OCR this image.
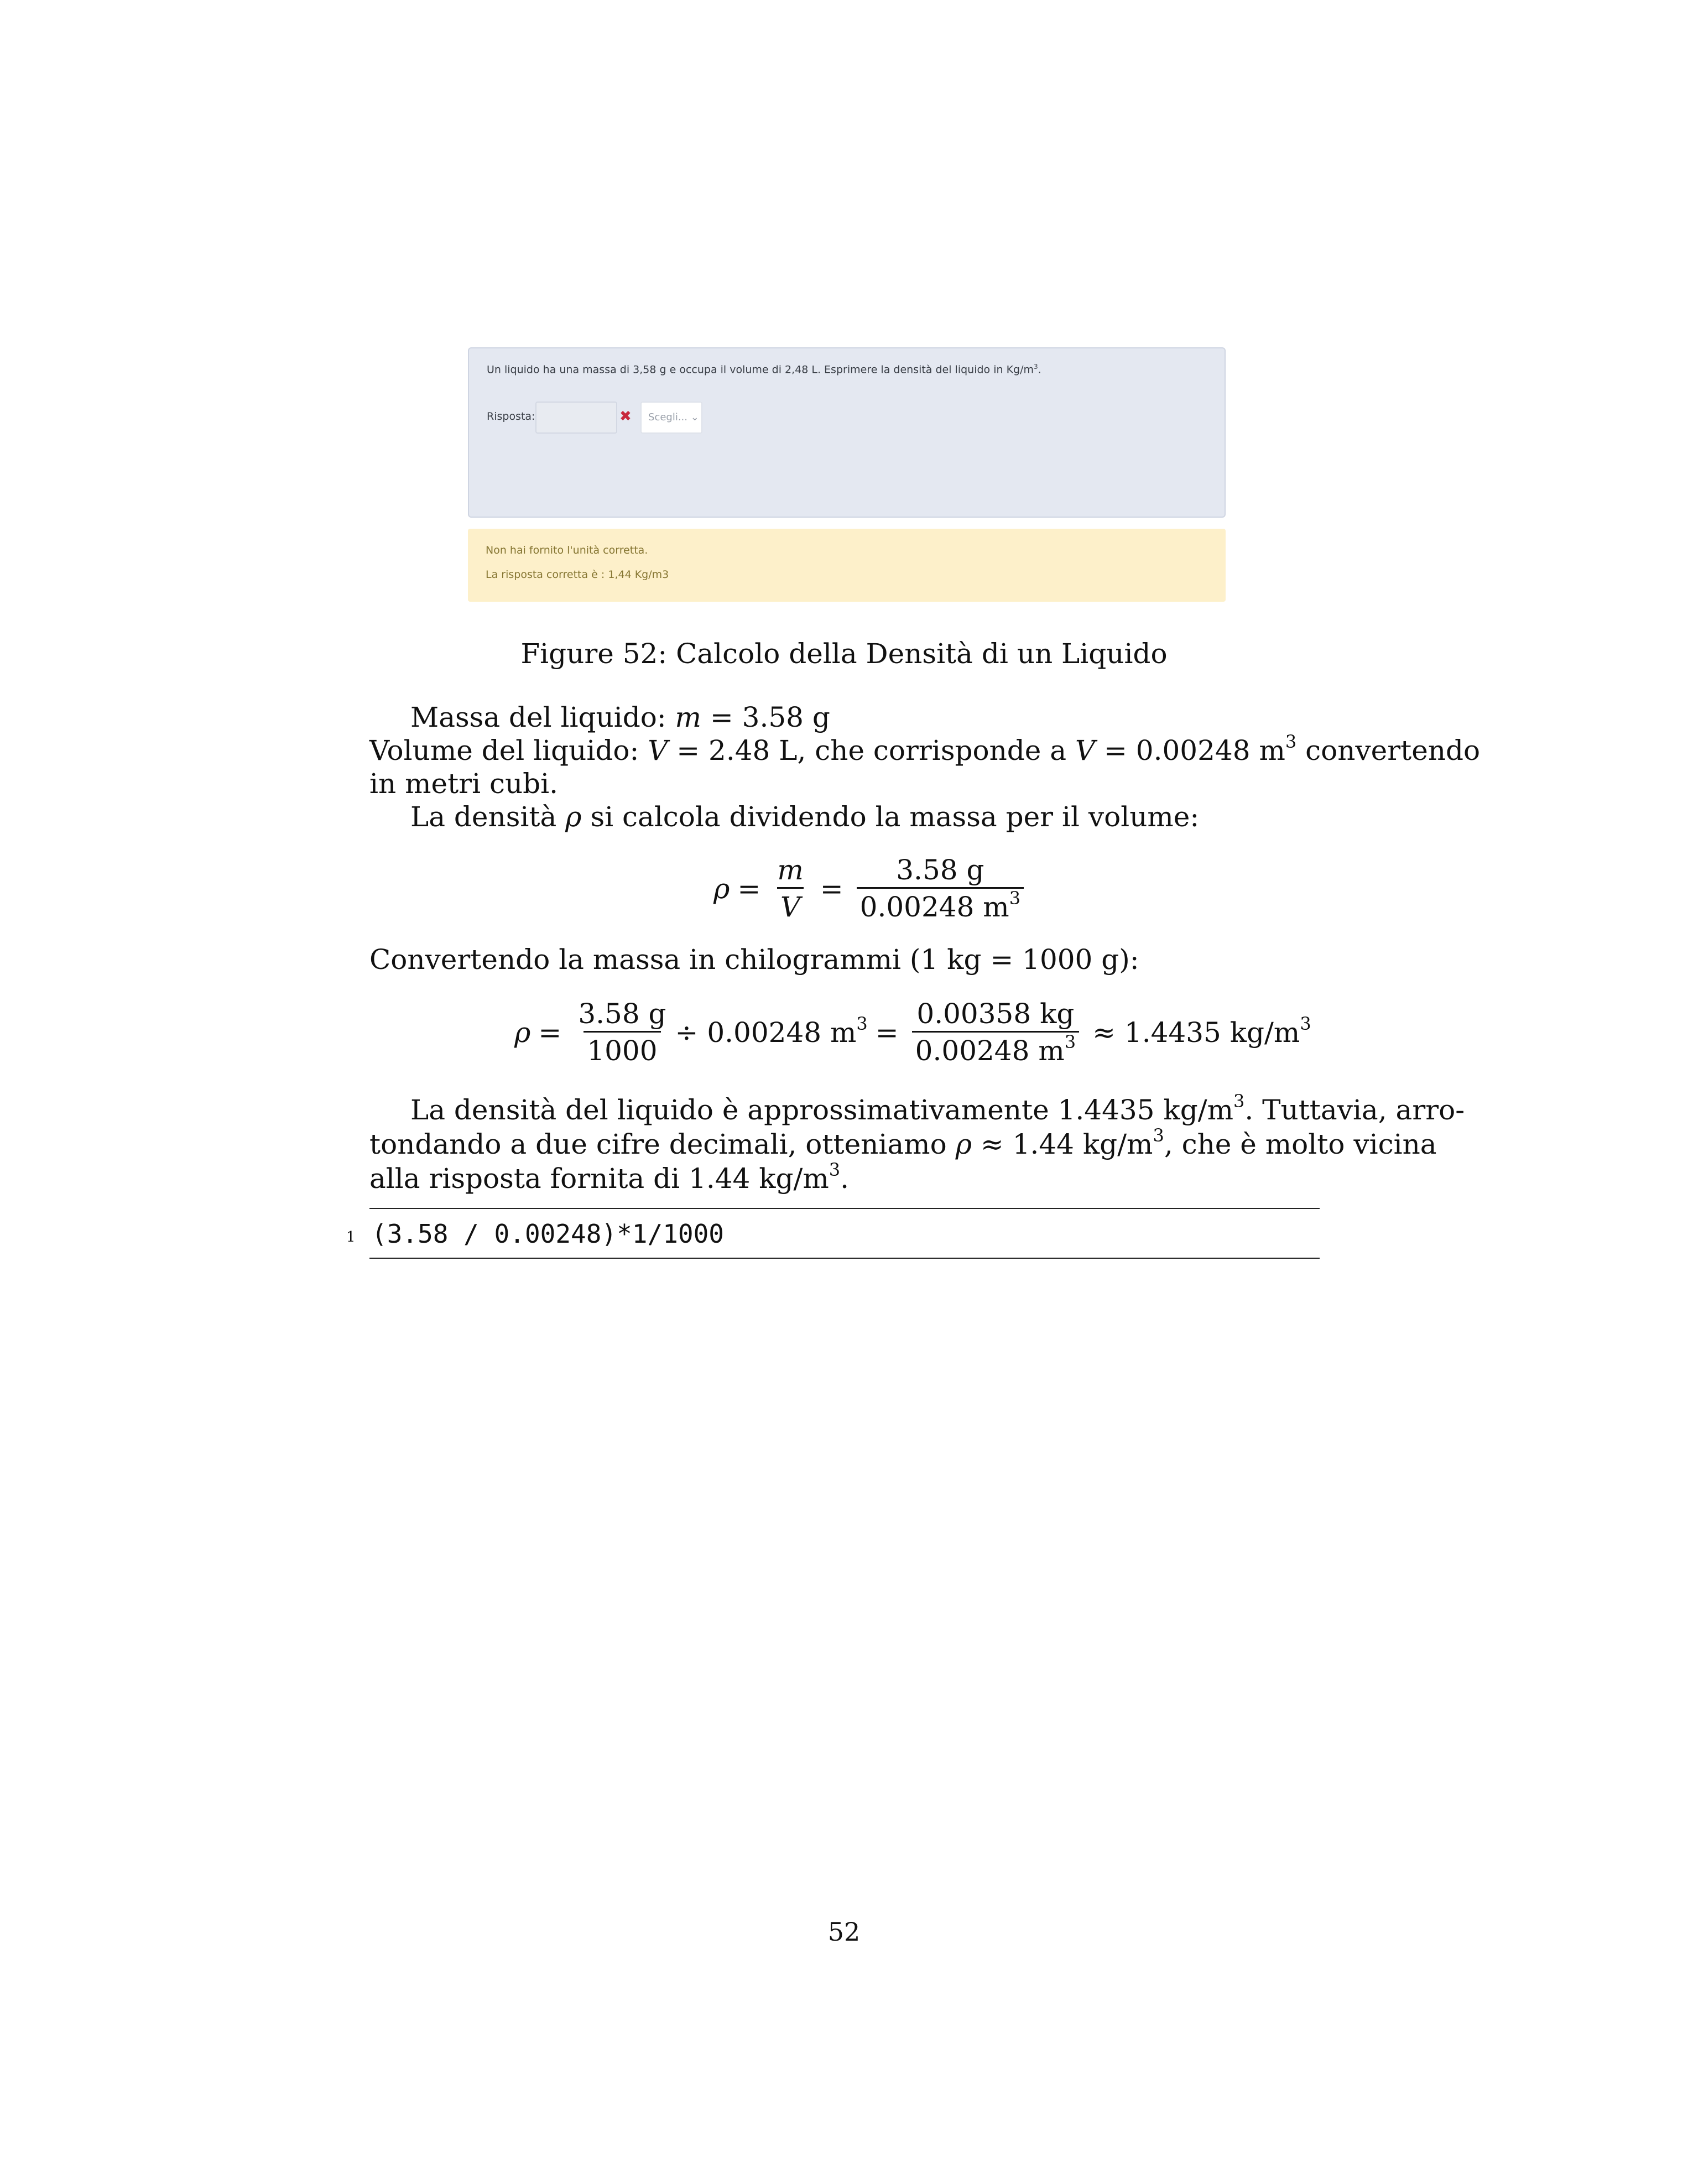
Un liquido ha una massa di 3,58 g e occupa il volume di 2,48 L. Esprimere la densità del liquido in $Kg/m^3$.
Risposta:	✖	Scegli... ⌄
Non hai fornito l'unità corretta.
La risposta corretta è : 1,44 Kg/m3
Figure 52: Calcolo della Densità di un Liquido
Massa del liquido: m = 3.58 g
Volume del liquido: V = 2.48 L, che corrisponde a V = 0.00248 $m^3$ convertendo
in metri cubi.
La densità ρ si calcola dividendo la massa per il volume:
$\rho = \frac{m}{V} = \frac{3.58 g}{0.00248 m^3}$
Convertendo la massa in chilogrammi (1 kg = 1000 g):
$\rho = \frac{3.58 g}{1000} \div 0.00248$ $m^3 = \frac{0.00358 kg}{0.00248 m^3} \approx 1.4435$ $kg/m^3$
La densità del liquido è approssimativamente 1.4435 $kg/m^3$. Tuttavia, arro-
tondando a due cifre decimali, otteniamo ρ ≈ 1.44 $kg/m^3$, che è molto vicina
alla risposta fornita di 1.44 $kg/m^3$.
1 (3.58 / 0.00248)*1/1000
52
